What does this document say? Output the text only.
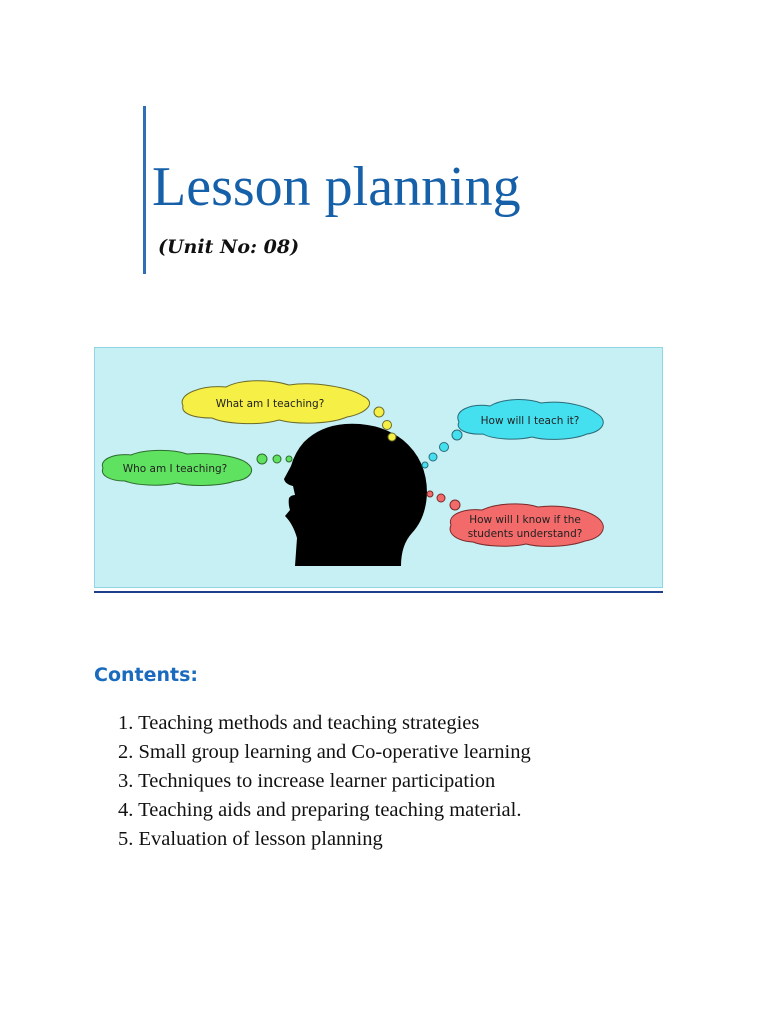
Lesson planning
(Unit No: 08)
What am I teaching?
How will I teach it?
Who am I teaching?
How will I know if the
students understand?
Contents:
1. Teaching methods and teaching strategies
2. Small group learning and Co-operative learning
3. Techniques to increase learner participation
4. Teaching aids and preparing teaching material.
5. Evaluation of lesson planning
